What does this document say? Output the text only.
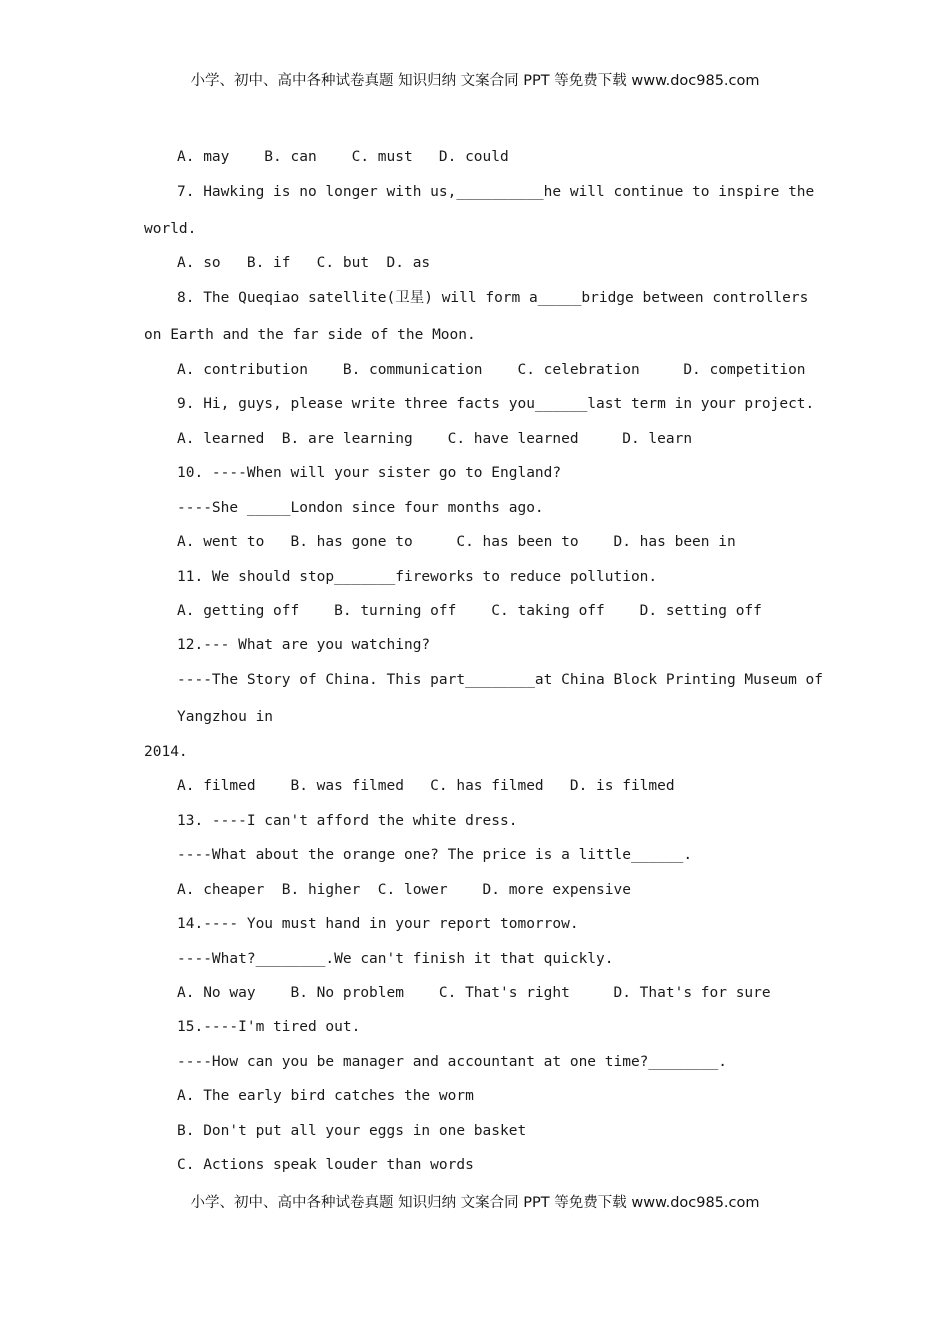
小学、初中、高中各种试卷真题 知识归纳 文案合同 PPT 等免费下载 www.doc985.com
A. may    B. can    C. must   D. could
7. Hawking is no longer with us,__________he will continue to inspire the
world.
A. so   B. if   C. but  D. as
8. The Queqiao satellite(卫星) will form a_____bridge between controllers
on Earth and the far side of the Moon.
A. contribution    B. communication    C. celebration     D. competition
9. Hi, guys, please write three facts you______last term in your project.
A. learned  B. are learning    C. have learned     D. learn
10. ----When will your sister go to England?
----She _____London since four months ago.
A. went to   B. has gone to     C. has been to    D. has been in
11. We should stop_______fireworks to reduce pollution.
A. getting off    B. turning off    C. taking off    D. setting off
12.--- What are you watching?
----The Story of China. This part________at China Block Printing Museum of
Yangzhou in
2014.
A. filmed    B. was filmed   C. has filmed   D. is filmed
13. ----I can't afford the white dress.
----What about the orange one? The price is a little______.
A. cheaper  B. higher  C. lower    D. more expensive
14.---- You must hand in your report tomorrow.
----What?________.We can't finish it that quickly.
A. No way    B. No problem    C. That's right     D. That's for sure
15.----I'm tired out.
----How can you be manager and accountant at one time?________.
A. The early bird catches the worm
B. Don't put all your eggs in one basket
C. Actions speak louder than words
小学、初中、高中各种试卷真题 知识归纳 文案合同 PPT 等免费下载 www.doc985.com
